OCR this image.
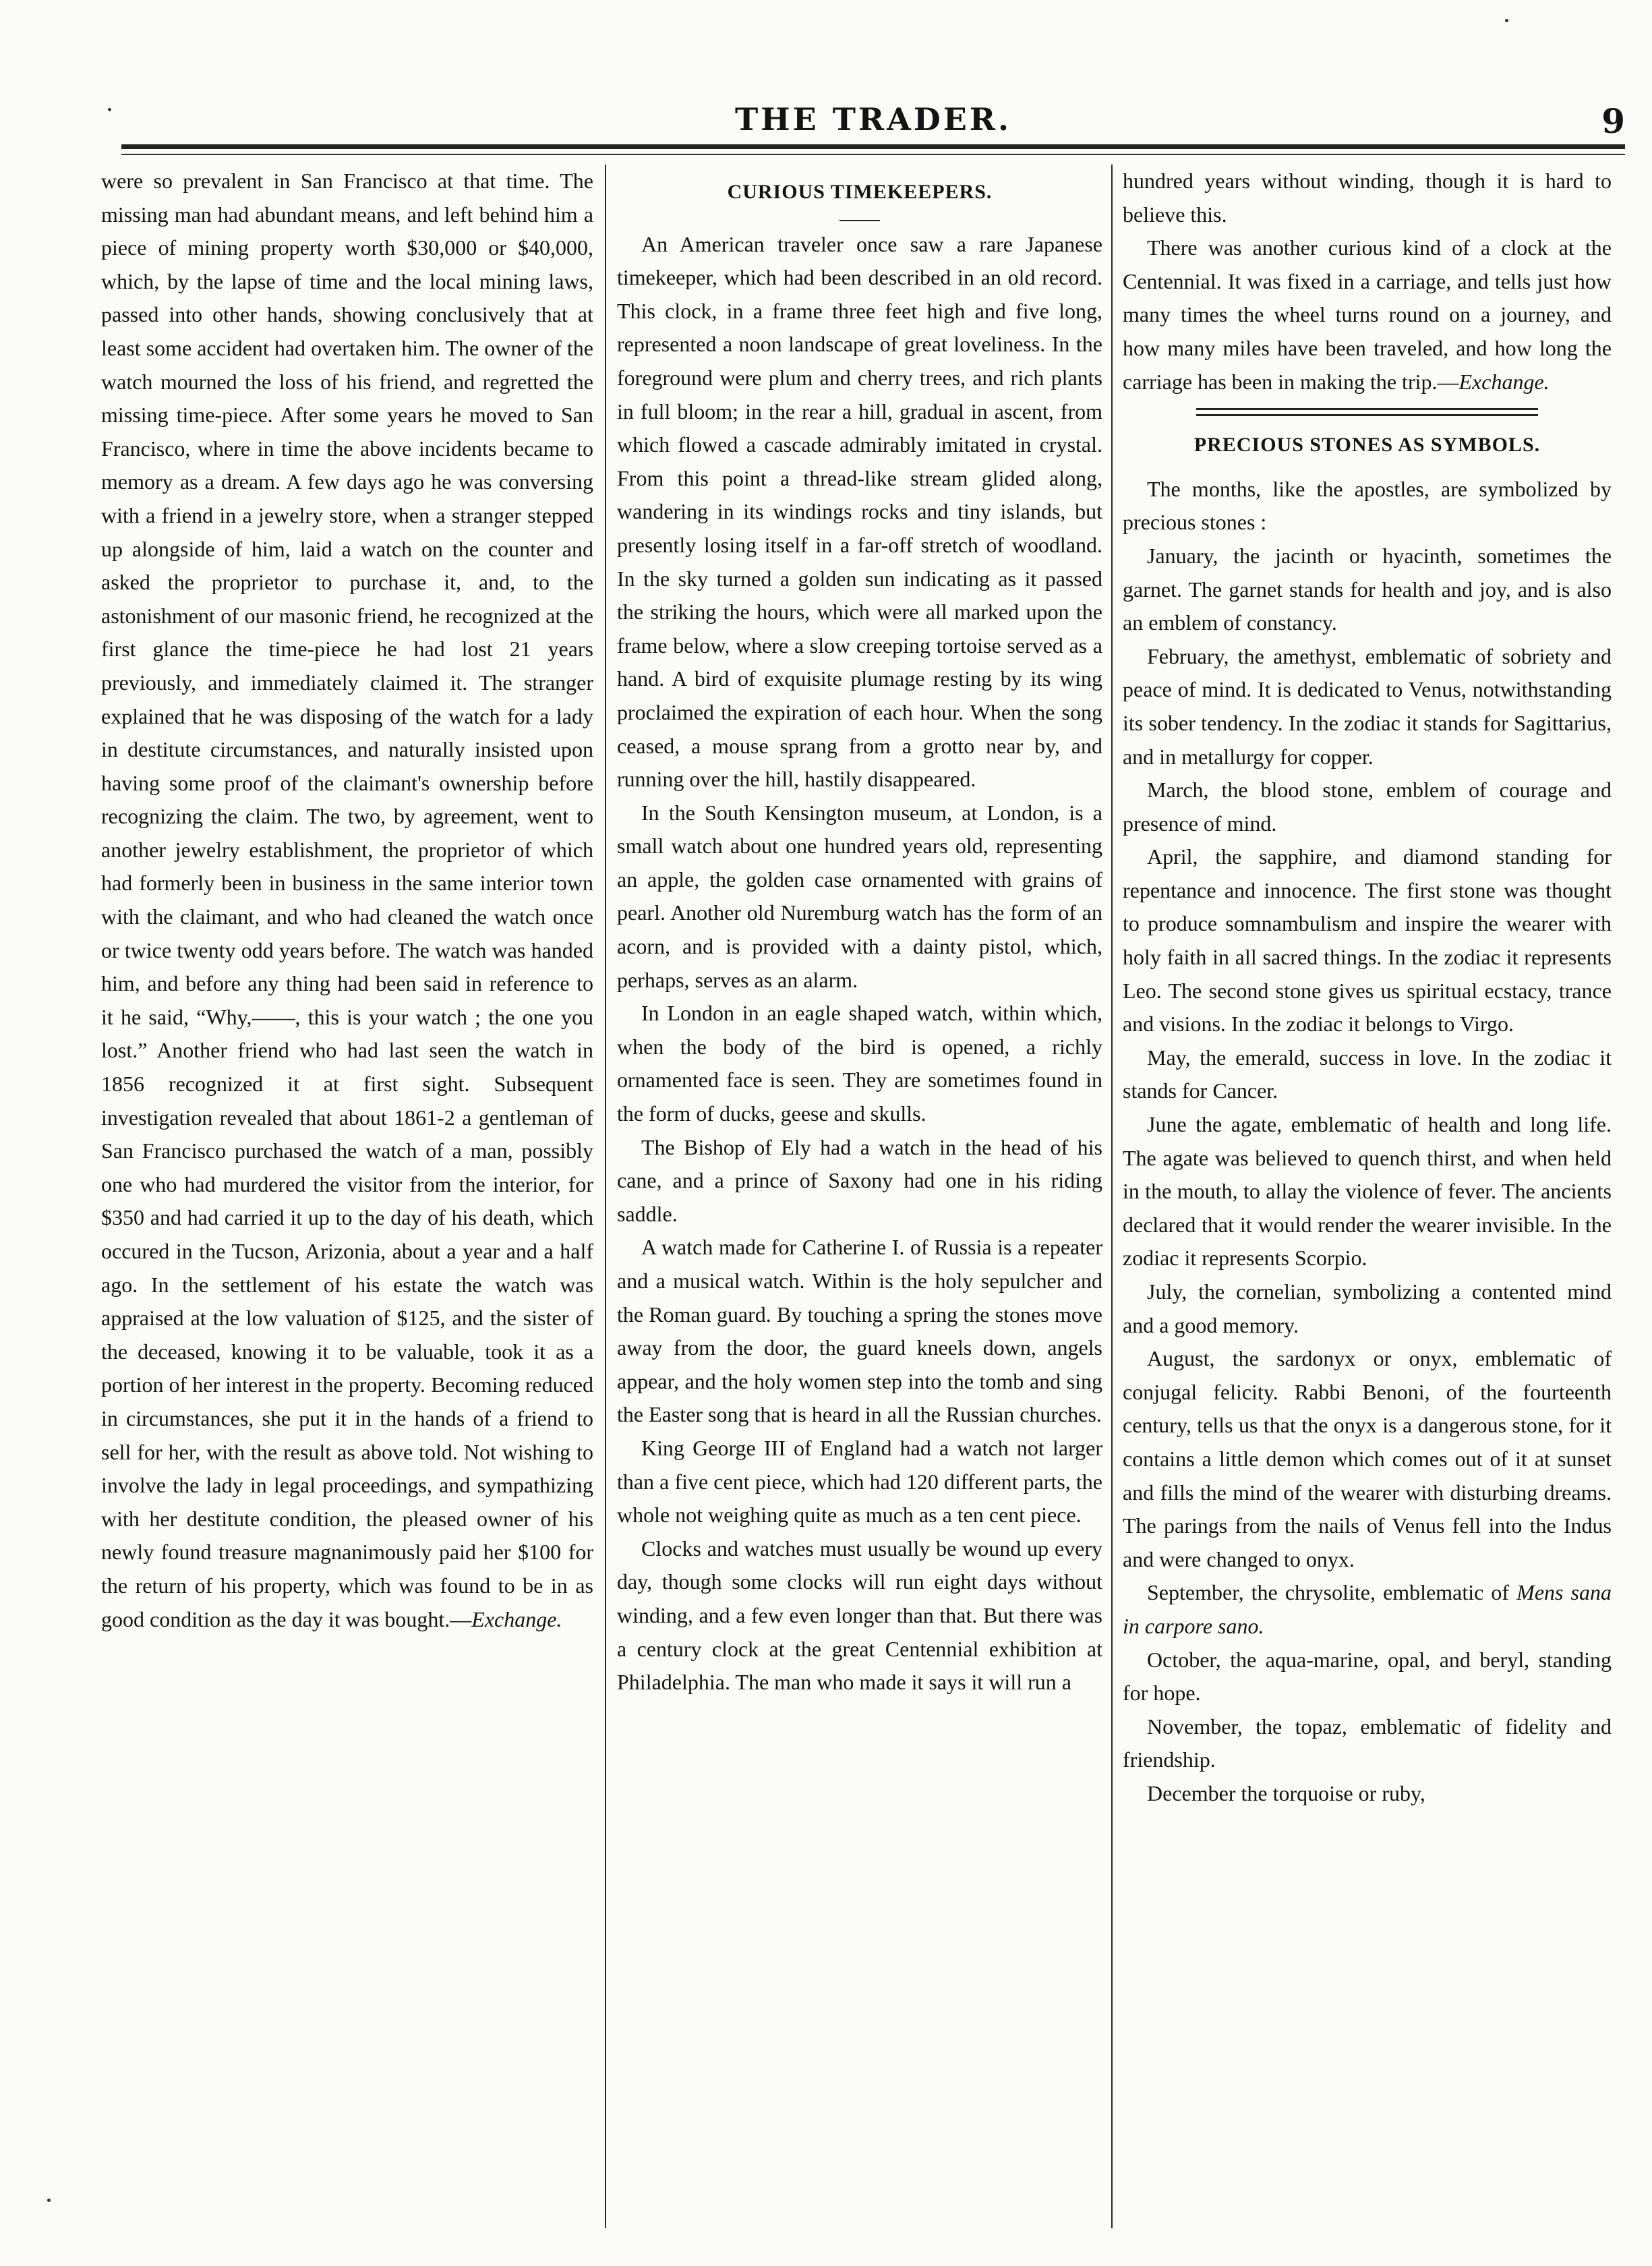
THE TRADER.	9

were so prevalent in San Francisco at that time. The missing man had abundant means, and left behind him a piece of mining property worth $30,000 or $40,000, which, by the lapse of time and the local mining laws, passed into other hands, showing conclusively that at least some accident had overtaken him. The owner of the watch mourned the loss of his friend, and regretted the missing time-piece. After some years he moved to San Francisco, where in time the above incidents became to memory as a dream. A few days ago he was conversing with a friend in a jewelry store, when a stranger stepped up alongside of him, laid a watch on the counter and asked the proprietor to purchase it, and, to the astonishment of our masonic friend, he recognized at the first glance the time-piece he had lost 21 years previously, and immediately claimed it. The stranger explained that he was disposing of the watch for a lady in destitute circumstances, and naturally insisted upon having some proof of the claimant's ownership before recognizing the claim. The two, by agreement, went to another jewelry establishment, the proprietor of which had formerly been in business in the same interior town with the claimant, and who had cleaned the watch once or twice twenty odd years before. The watch was handed him, and before any thing had been said in reference to it he said, “Why,——, this is your watch ; the one you lost.” Another friend who had last seen the watch in 1856 recognized it at first sight. Subsequent investigation revealed that about 1861-2 a gentleman of San Francisco purchased the watch of a man, possibly one who had murdered the visitor from the interior, for $350 and had carried it up to the day of his death, which occured in the Tucson, Arizonia, about a year and a half ago. In the settlement of his estate the watch was appraised at the low valuation of $125, and the sister of the deceased, knowing it to be valuable, took it as a portion of her interest in the property. Becoming reduced in circumstances, she put it in the hands of a friend to sell for her, with the result as above told. Not wishing to involve the lady in legal proceedings, and sympathizing with her destitute condition, the pleased owner of his newly found treasure magnanimously paid her $100 for the return of his property, which was found to be in as good condition as the day it was bought.—Exchange.

CURIOUS TIMEKEEPERS.

An American traveler once saw a rare Japanese timekeeper, which had been described in an old record. This clock, in a frame three feet high and five long, represented a noon landscape of great loveliness. In the foreground were plum and cherry trees, and rich plants in full bloom; in the rear a hill, gradual in ascent, from which flowed a cascade admirably imitated in crystal. From this point a thread-like stream glided along, wandering in its windings rocks and tiny islands, but presently losing itself in a far-off stretch of woodland. In the sky turned a golden sun indicating as it passed the striking the hours, which were all marked upon the frame below, where a slow creeping tortoise served as a hand. A bird of exquisite plumage resting by its wing proclaimed the expiration of each hour. When the song ceased, a mouse sprang from a grotto near by, and running over the hill, hastily disappeared.

In the South Kensington museum, at London, is a small watch about one hundred years old, representing an apple, the golden case ornamented with grains of pearl. Another old Nuremburg watch has the form of an acorn, and is provided with a dainty pistol, which, perhaps, serves as an alarm.

In London in an eagle shaped watch, within which, when the body of the bird is opened, a richly ornamented face is seen. They are sometimes found in the form of ducks, geese and skulls.

The Bishop of Ely had a watch in the head of his cane, and a prince of Saxony had one in his riding saddle.

A watch made for Catherine I. of Russia is a repeater and a musical watch. Within is the holy sepulcher and the Roman guard. By touching a spring the stones move away from the door, the guard kneels down, angels appear, and the holy women step into the tomb and sing the Easter song that is heard in all the Russian churches.

King George III of England had a watch not larger than a five cent piece, which had 120 different parts, the whole not weighing quite as much as a ten cent piece.

Clocks and watches must usually be wound up every day, though some clocks will run eight days without winding, and a few even longer than that. But there was a century clock at the great Centennial exhibition at Philadelphia. The man who made it says it will run a

hundred years without winding, though it is hard to believe this.

There was another curious kind of a clock at the Centennial. It was fixed in a carriage, and tells just how many times the wheel turns round on a journey, and how many miles have been traveled, and how long the carriage has been in making the trip.—Exchange.

PRECIOUS STONES AS SYMBOLS.

The months, like the apostles, are symbolized by precious stones :

January, the jacinth or hyacinth, sometimes the garnet. The garnet stands for health and joy, and is also an emblem of constancy.

February, the amethyst, emblematic of sobriety and peace of mind. It is dedicated to Venus, notwithstanding its sober tendency. In the zodiac it stands for Sagittarius, and in metallurgy for copper.

March, the blood stone, emblem of courage and presence of mind.

April, the sapphire, and diamond standing for repentance and innocence. The first stone was thought to produce somnambulism and inspire the wearer with holy faith in all sacred things. In the zodiac it represents Leo. The second stone gives us spiritual ecstacy, trance and visions. In the zodiac it belongs to Virgo.

May, the emerald, success in love. In the zodiac it stands for Cancer.

June the agate, emblematic of health and long life. The agate was believed to quench thirst, and when held in the mouth, to allay the violence of fever. The ancients declared that it would render the wearer invisible. In the zodiac it represents Scorpio.

July, the cornelian, symbolizing a contented mind and a good memory.

August, the sardonyx or onyx, emblematic of conjugal felicity. Rabbi Benoni, of the fourteenth century, tells us that the onyx is a dangerous stone, for it contains a little demon which comes out of it at sunset and fills the mind of the wearer with disturbing dreams. The parings from the nails of Venus fell into the Indus and were changed to onyx.

September, the chrysolite, emblematic of Mens sana in carpore sano.

October, the aqua-marine, opal, and beryl, standing for hope.

November, the topaz, emblematic of fidelity and friendship.

December the torquoise or ruby,
